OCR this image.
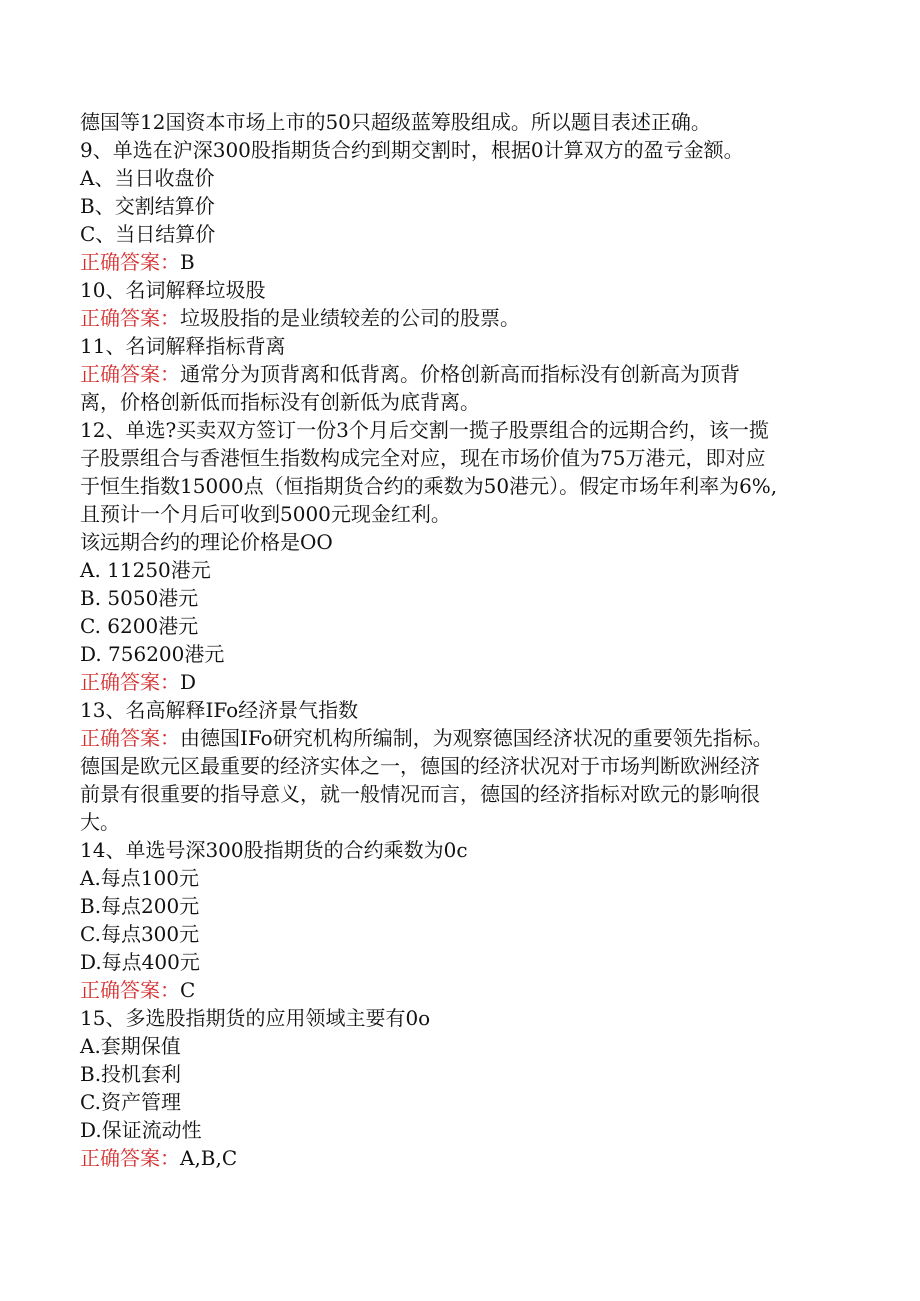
德国等12国资本市场上市的50只超级蓝筹股组成。所以题目表述正确。
9、单选在沪深300股指期货合约到期交割时，根据0计算双方的盈亏金额。
A、当日收盘价
B、交割结算价
C、当日结算价
正确答案：B
10、名词解释垃圾股
正确答案：垃圾股指的是业绩较差的公司的股票。
11、名词解释指标背离
正确答案：通常分为顶背离和低背离。价格创新高而指标没有创新高为顶背
离，价格创新低而指标没有创新低为底背离。
12、单选?买卖双方签订一份3个月后交割一揽子股票组合的远期合约，该一揽
子股票组合与香港恒生指数构成完全对应，现在市场价值为75万港元，即对应
于恒生指数15000点（恒指期货合约的乘数为50港元）。假定市场年利率为6%,
且预计一个月后可收到5000元现金红利。
该远期合约的理论价格是OO
A. 11250港元
B. 5050港元
C. 6200港元
D. 756200港元
正确答案：D
13、名高解释IFo经济景气指数
正确答案：由德国IFo研究机构所编制，为观察德国经济状况的重要领先指标。
德国是欧元区最重要的经济实体之一，德国的经济状况对于市场判断欧洲经济
前景有很重要的指导意义，就一般情况而言，德国的经济指标对欧元的影响很
大。
14、单选号深300股指期货的合约乘数为0c
A.每点100元
B.每点200元
C.每点300元
D.每点400元
正确答案：C
15、多选股指期货的应用领域主要有0o
A.套期保值
B.投机套利
C.资产管理
D.保证流动性
正确答案：A,B,C
